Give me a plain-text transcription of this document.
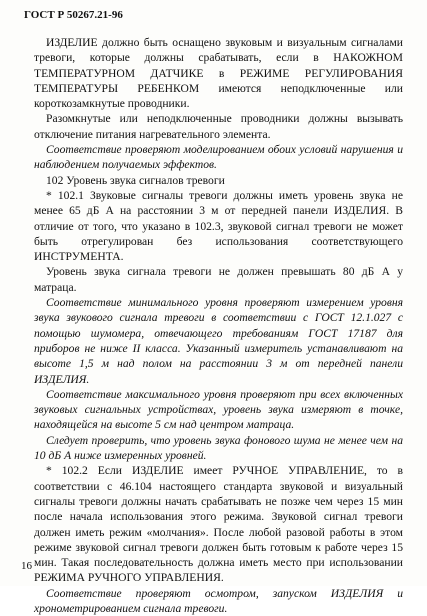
ГОСТ Р 50267.21-96

ИЗДЕЛИЕ должно быть оснащено звуковым и визуальным сигналами тревоги, которые должны срабатывать, если в НАКОЖНОМ ТЕМПЕРАТУРНОМ ДАТЧИКЕ в РЕЖИМЕ РЕГУЛИРОВАНИЯ ТЕМПЕРАТУРЫ РЕБЕНКОМ имеются неподключенные или короткозамкнутые проводники.

Разомкнутые или неподключенные проводники должны вызывать отключение питания нагревательного элемента.

Соответствие проверяют моделированием обоих условий нарушения и наблюдением получаемых эффектов.

102 Уровень звука сигналов тревоги

* 102.1 Звуковые сигналы тревоги должны иметь уровень звука не менее 65 дБ А на расстоянии 3 м от передней панели ИЗДЕЛИЯ. В отличие от того, что указано в 102.3, звуковой сигнал тревоги не может быть отрегулирован без использования соответствующего ИНСТРУМЕНТА.

Уровень звука сигнала тревоги не должен превышать 80 дБ А у матраца.

Соответствие минимального уровня проверяют измерением уровня звука звукового сигнала тревоги в соответствии с ГОСТ 12.1.027 с помощью шумомера, отвечающего требованиям ГОСТ 17187 для приборов не ниже II класса. Указанный измеритель устанавливают на высоте 1,5 м над полом на расстоянии 3 м от передней панели ИЗДЕЛИЯ.

Соответствие максимального уровня проверяют при всех включенных звуковых сигнальных устройствах, уровень звука измеряют в точке, находящейся на высоте 5 см над центром матраца.

Следует проверить, что уровень звука фонового шума не менее чем на 10 дБ А ниже измеренных уровней.

* 102.2 Если ИЗДЕЛИЕ имеет РУЧНОЕ УПРАВЛЕНИЕ, то в соответствии с 46.104 настоящего стандарта звуковой и визуальный сигналы тревоги должны начать срабатывать не позже чем через 15 мин после начала использования этого режима. Звуковой сигнал тревоги должен иметь режим «молчания». После любой разовой работы в этом режиме звуковой сигнал тревоги должен быть готовым к работе через 15 мин. Такая последовательность должна иметь место при использовании РЕЖИМА РУЧНОГО УПРАВЛЕНИЯ.

Соответствие проверяют осмотром, запуском ИЗДЕЛИЯ и хронометрированием сигнала тревоги.

16
